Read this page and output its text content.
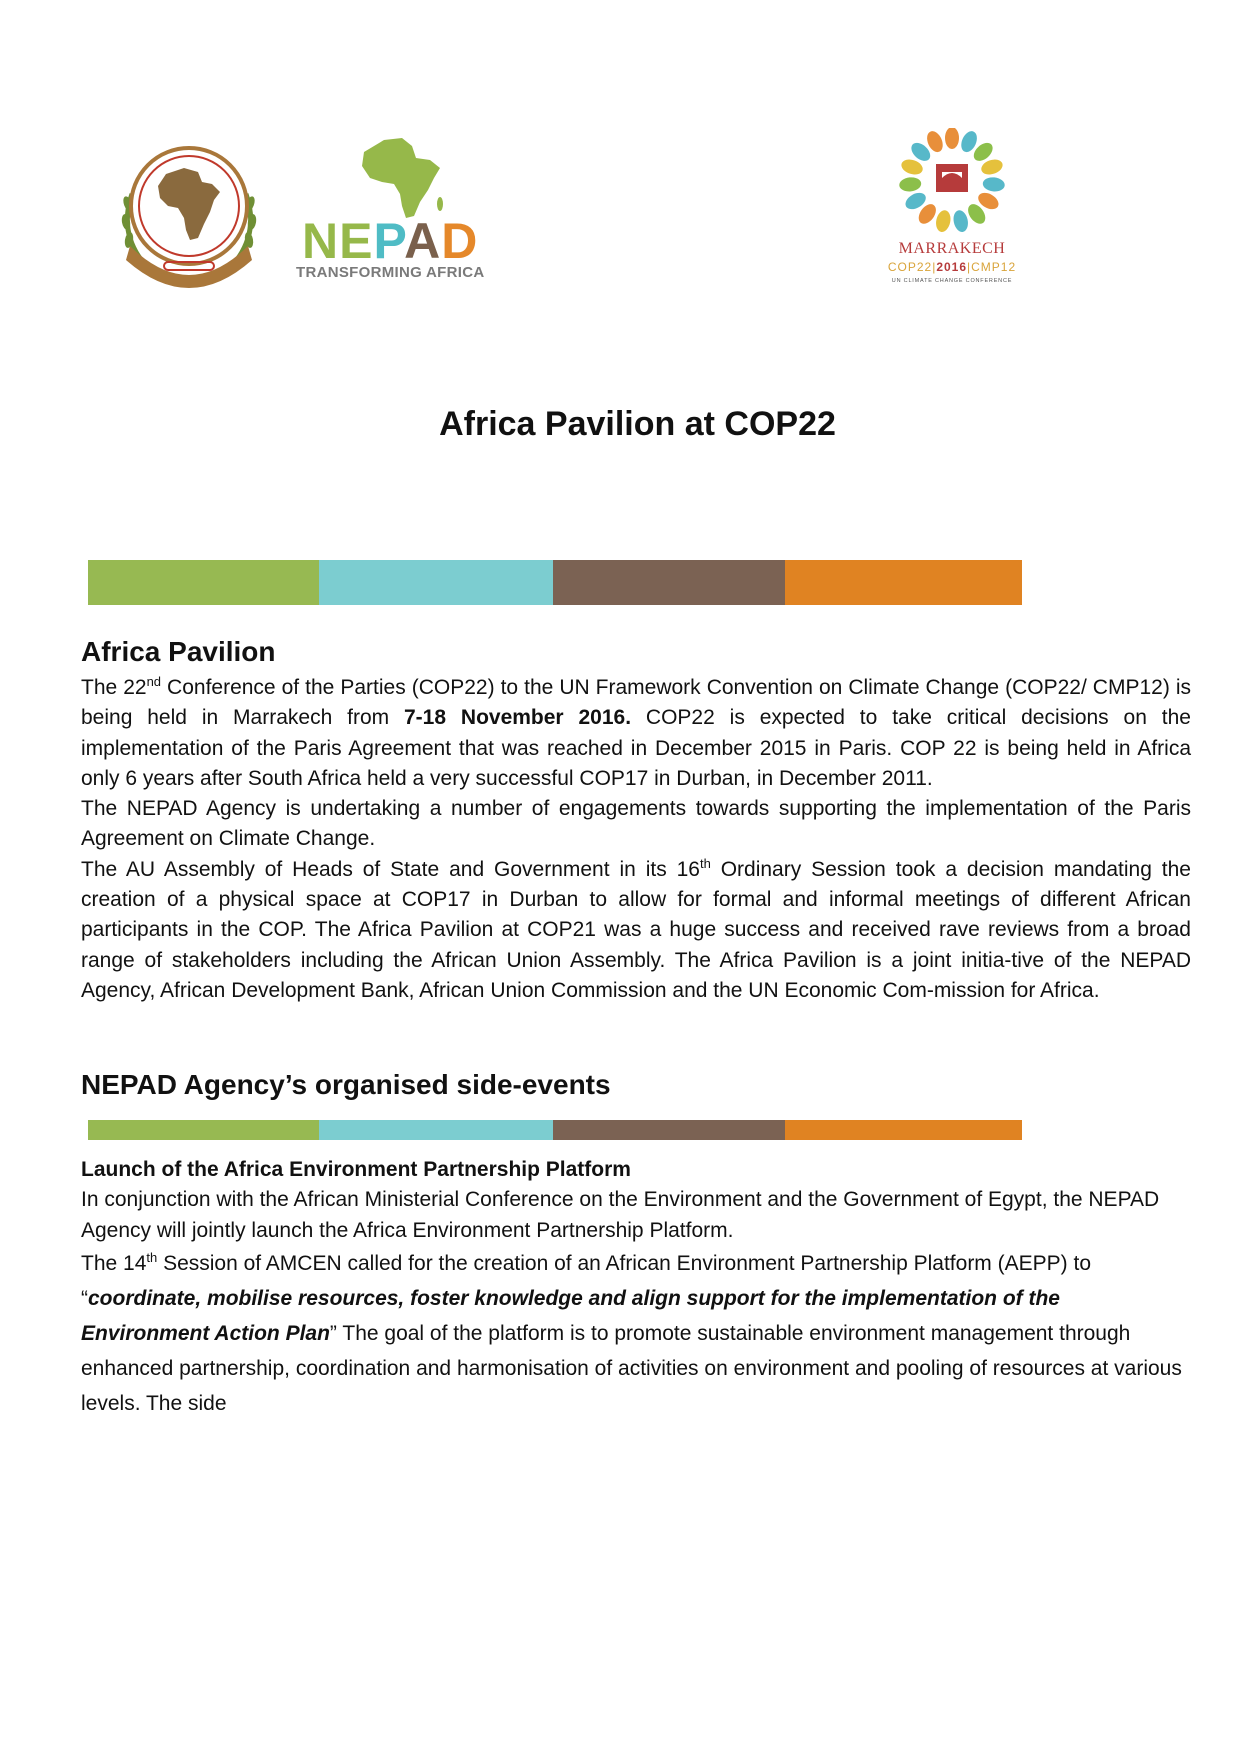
NEPAD
TRANSFORMING AFRICA
MARRAKECH
COP22|2016|CMP12
UN CLIMATE CHANGE CONFERENCE
Africa Pavilion at COP22
Africa Pavilion

The 22nd Conference of the Parties (COP22) to the UN Framework Convention on Climate Change (COP22/ CMP12) is being held in Marrakech from 7-18 November 2016. COP22 is expected to take critical decisions on the implementation of the Paris Agreement that was reached in December 2015 in Paris. COP 22 is being held in Africa only 6 years after South Africa held a very successful COP17 in Durban, in December 2011.

The NEPAD Agency is undertaking a number of engagements towards supporting the implementation of the Paris Agreement on Climate Change.

The AU Assembly of Heads of State and Government in its 16th Ordinary Session took a decision mandating the creation of a physical space at COP17 in Durban to allow for formal and informal meetings of different African participants in the COP. The Africa Pavilion at COP21 was a huge success and received rave reviews from a broad range of stakeholders including the African Union Assembly. The Africa Pavilion is a joint initia-tive of the NEPAD Agency, African Development Bank, African Union Commission and the UN Economic Com-mission for Africa.

NEPAD Agency’s organised side-events
Launch of the Africa Environment Partnership Platform

In conjunction with the African Ministerial Conference on the Environment and the Government of Egypt, the NEPAD Agency will jointly launch the Africa Environment Partnership Platform.

The 14th Session of AMCEN called for the creation of an African Environment Partnership Platform (AEPP) to
“coordinate, mobilise resources, foster knowledge and align support for the implementation of the Environment Action Plan” The goal of the platform is to promote sustainable environment management through enhanced partnership, coordination and harmonisation of activities on environment and pooling of resources at various levels. The side
